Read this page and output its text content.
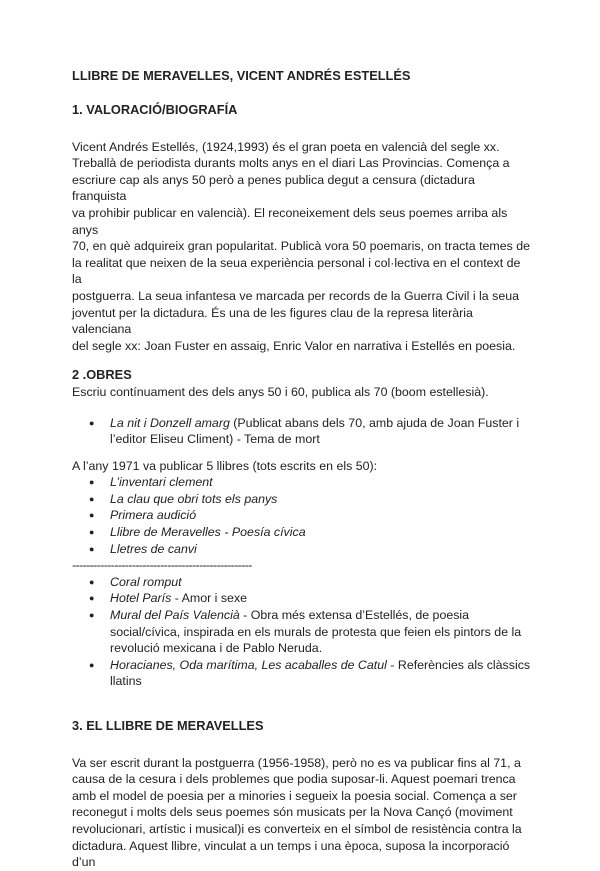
LLIBRE DE MERAVELLES, VICENT ANDRÉS ESTELLÉS

1. VALORACIÓ/BIOGRAFÍA

Vicent Andrés Estellés, (1924,1993) és el gran poeta en valencià del segle xx.
Treballà de periodista durants molts anys en el diari Las Provincias. Comença a
escriure cap als anys 50 però a penes publica degut a censura (dictadura franquista
va prohibir publicar en valencià). El reconeixement dels seus poemes arriba als anys
70, en què adquireix gran popularitat. Publicà vora 50 poemaris, on tracta temes de
la realitat que neixen de la seua experiència personal i col·lectiva en el context de la
postguerra. La seua infantesa ve marcada per records de la Guerra Civil i la seua
joventut per la dictadura. És una de les figures clau de la represa literària valenciana
del segle xx: Joan Fuster en assaig, Enric Valor en narrativa i Estellés en poesia.

2 .OBRES

Escriu contínuament des dels anys 50 i 60, publica als 70 (boom estellesià).
● La nit i Donzell amarg (Publicat abans dels 70, amb ajuda de Joan Fuster i
l’editor Eliseu Climent) - Tema de mort
A l’any 1971 va publicar 5 llibres (tots escrits en els 50):
● L’inventari clement
● La clau que obri tots els panys
● Primera audició
● Llibre de Meravelles - Poesía cívica
● Lletres de canvi
---------------------------------------------------
● Coral romput
● Hotel París - Amor i sexe
● Mural del País Valencià - Obra més extensa d’Estellés, de poesia
social/cívica, inspirada en els murals de protesta que feien els pintors de la
revolució mexicana i de Pablo Neruda.
● Horacianes, Oda marítima, Les acaballes de Catul - Referències als clàssics
llatins

3. EL LLIBRE DE MERAVELLES

Va ser escrit durant la postguerra (1956-1958), però no es va publicar fins al 71, a
causa de la cesura i dels problemes que podia suposar-li. Aquest poemari trenca
amb el model de poesia per a minories i segueix la poesia social. Comença a ser
reconegut i molts dels seus poemes són musicats per la Nova Cançó (moviment
revolucionari, artístic i musical)i es converteix en el símbol de resistència contra la
dictadura. Aquest llibre, vinculat a un temps i una època, suposa la incorporació d’un
